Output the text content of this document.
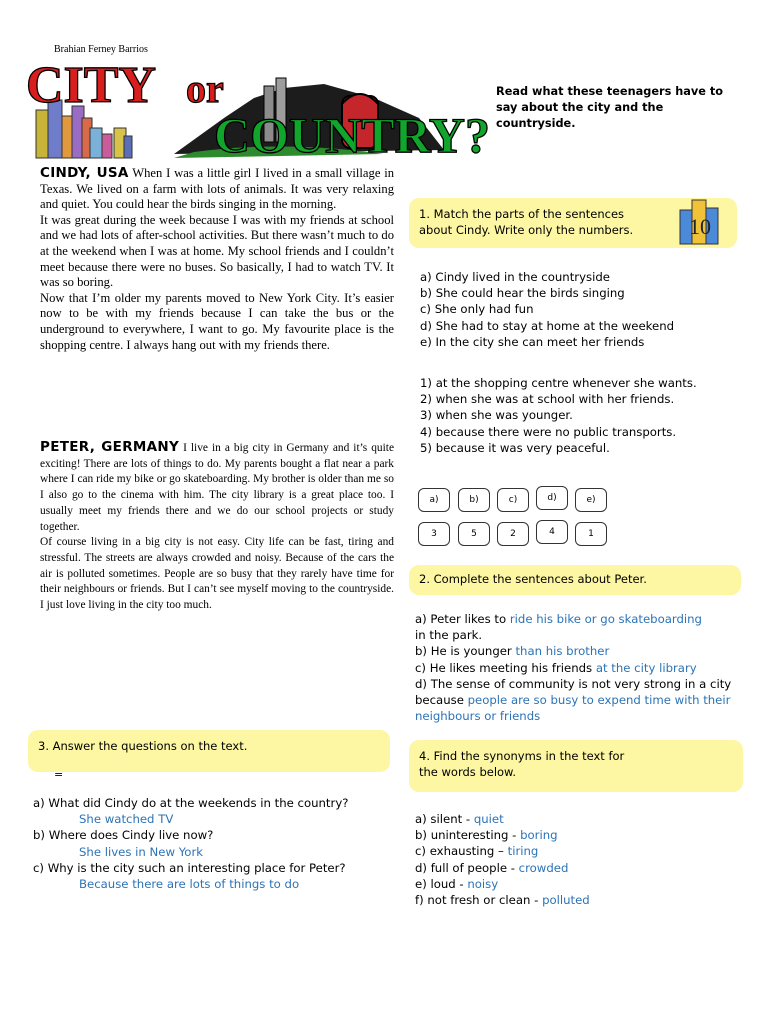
Brahian Ferney Barrios
CITY or
COUNTRY?
Read what these teenagers have to say about the city and the countryside.

CINDY, USA When I was a little girl I lived in a small village in Texas. We lived on a farm with lots of animals. It was very relaxing and quiet. You could hear the birds singing in the morning.

It was great during the week because I was with my friends at school and we had lots of after-school activities. But there wasn’t much to do at the weekend when I was at home. My school friends and I couldn’t meet because there were no buses. So basically, I had to watch TV. It was so boring.

Now that I’m older my parents moved to New York City. It’s easier now to be with my friends because I can take the bus or the underground to everywhere, I want to go. My favourite place is the shopping centre. I always hang out with my friends there.

PETER, GERMANY I live in a big city in Germany and it’s quite exciting! There are lots of things to do. My parents bought a flat near a park where I can ride my bike or go skateboarding. My brother is older than me so I also go to the cinema with him. The city library is a great place too. I usually meet my friends there and we do our school projects or study together.

Of course living in a big city is not easy. City life can be fast, tiring and stressful. The streets are always crowded and noisy. Because of the cars the air is polluted sometimes. People are so busy that they rarely have time for their neighbours or friends. But I can’t see myself moving to the countryside. I just love living in the city too much.

1. Match the parts of the sentences about Cindy. Write only the numbers.	10
a) Cindy lived in the countryside
b) She could hear the birds singing
c) She only had fun
d) She had to stay at home at the weekend
e) In the city she can meet her friends
1) at the shopping centre whenever she wants.
2) when she was at school with her friends.
3) when she was younger.
4) because there were no public transports.
5) because it was very peaceful.
a)	b)	c)	d)	e)
3	5	2	4	1
2. Complete the sentences about Peter.
a) Peter likes to ride his bike or go skateboarding
in the park.
b) He is younger than his brother
c) He likes meeting his friends at the city library
d) The sense of community is not very strong in a city because people are so busy to expend time with their neighbours or friends
3. Answer the questions on the text.
=
a) What did Cindy do at the weekends in the country?
She watched TV
b) Where does Cindy live now?
She lives in New York
c) Why is the city such an interesting place for Peter?
Because there are lots of things to do
4. Find the synonyms in the text for the words below.
a) silent - quiet
b) uninteresting - boring
c) exhausting – tiring
d) full of people - crowded
e) loud - noisy
f) not fresh or clean - polluted
